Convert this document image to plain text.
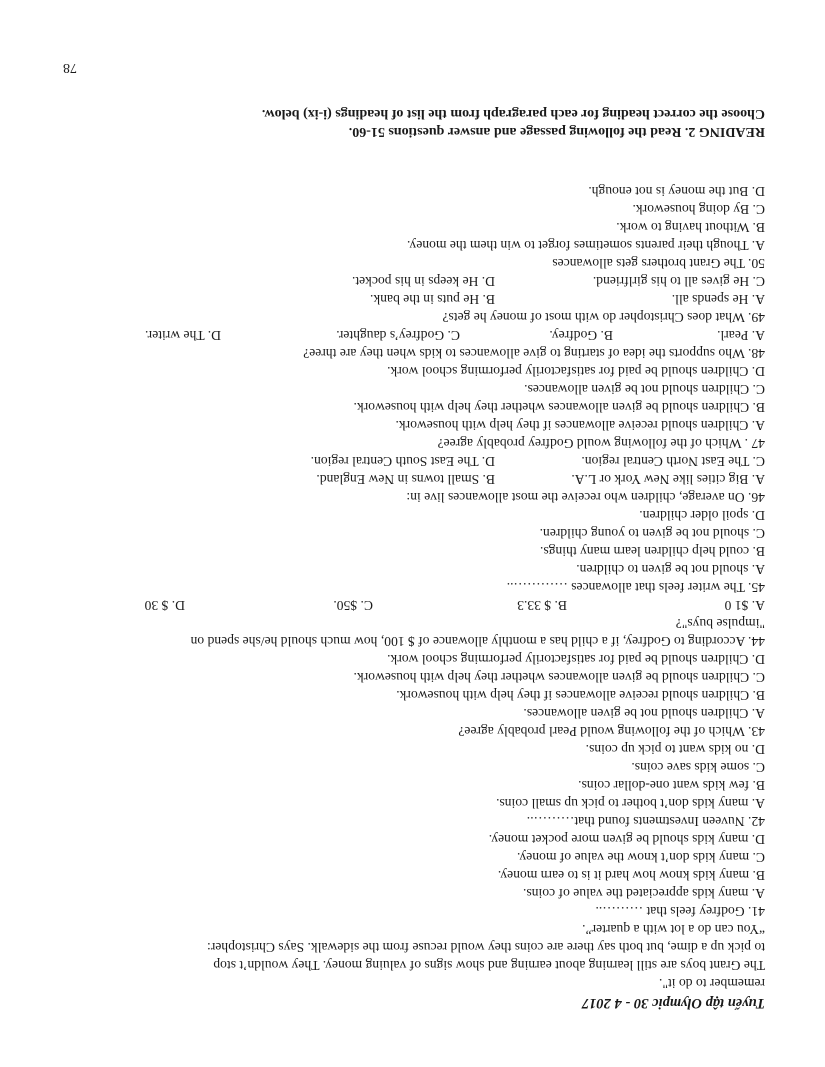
Tuyển tập Olympic 30 - 4 2017
remember to do it".
The Grant boys are still learning about earning and show signs of valuing money. They wouldn’t stop
to pick up a dime, but both say there are coins they would recuse from the sidewalk. Says Christopher:
“You can do a lot with a quarter”.
41. Godfrey feels that ………..
A. many kids appreciated the value of coins.
B. many kids know how hard it is to earn money.
C. many kids don’t know the value of money.
D. many kids should be given more pocket money.
42. Nuveen Investments found that………..
A. many kids don’t bother to pick up small coins.
B. few kids want one-dollar coins.
C. some kids save coins.
D. no kids want to pick up coins.
43. Which of the following would Pearl probably agree?
A. Children should not be given allowances.
B. Children should receive allowances if they help with housework.
C. Children should be given allowances whether they help with housework.
D. Children should be paid for satisfactorily performing school work.
44. According to Godfrey, if a child has a monthly allowance of $ 100, how much should he/she spend on
"impulse buys"?
A. $1 0
B. $ 33.3
C. $50.
D. $ 30
45. The writer feels that allowances …………..
A. should not be given to children.
B. could help children learn many things.
C. should not be given to young children.
D. spoil older children.
46. On average, children who receive the most allowances live in:
A. Big cities like New York or L.A.
B. Small towns in New England.
C. The East North Central region.
D. The East South Central region.
47 . Which of the following would Godfrey probably agree?
A. Children should receive allowances if they help with housework.
B. Children should be given allowances whether they help with housework.
C. Children should not be given allowances.
D. Children should be paid for satisfactorily performing school work.
48. Who supports the idea of starting to give allowances to kids when they are three?
A. Pearl.
B. Godfrey.
C. Godfrey’s daughter.
D. The writer.
49. What does Christopher do with most of money he gets?
A. He spends all.
B. He puts in the bank.
C. He gives all to his girlfriend.
D. He keeps in his pocket.
50. The Grant brothers gets allowances
A. Though their parents sometimes forget to win them the money.
B. Without having to work.
C. By doing housework.
D. But the money is not enough.
READING 2. Read the following passage and answer questions 51-60.
Choose the correct heading for each paragraph from the list of headings (i-ix) below.
78
